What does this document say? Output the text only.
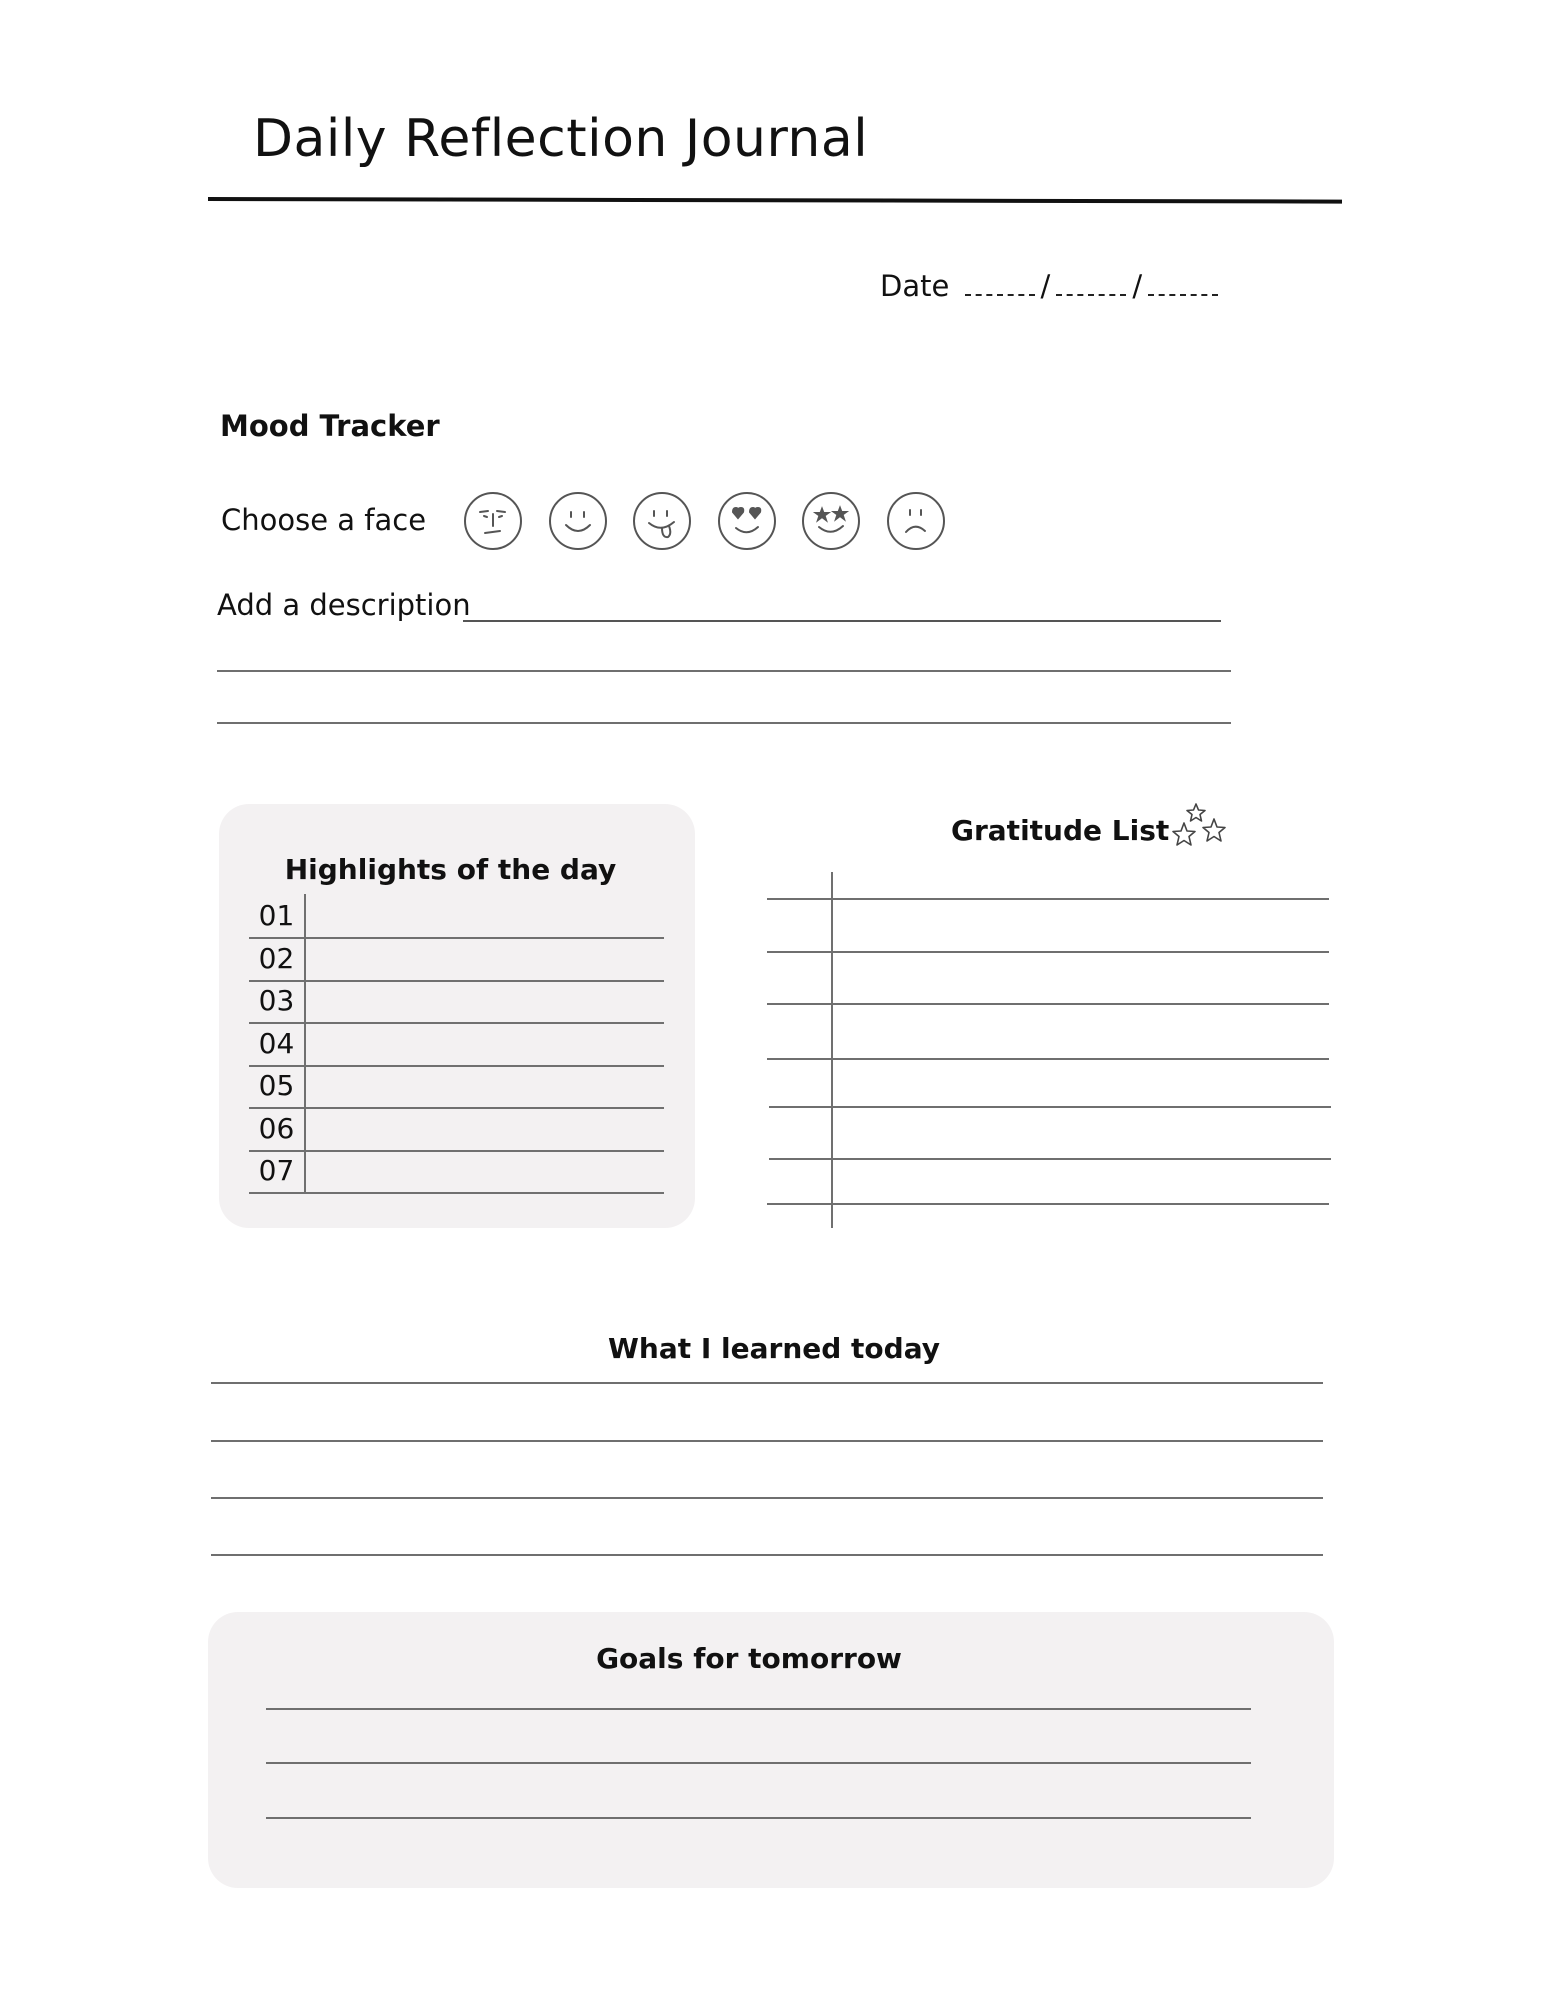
Daily Reflection Journal
Date	/	/
Mood Tracker
Choose a face
Add a description
Highlights of the day
01
02
03
04
05
06
07
Gratitude List
What I learned today
Goals for tomorrow
